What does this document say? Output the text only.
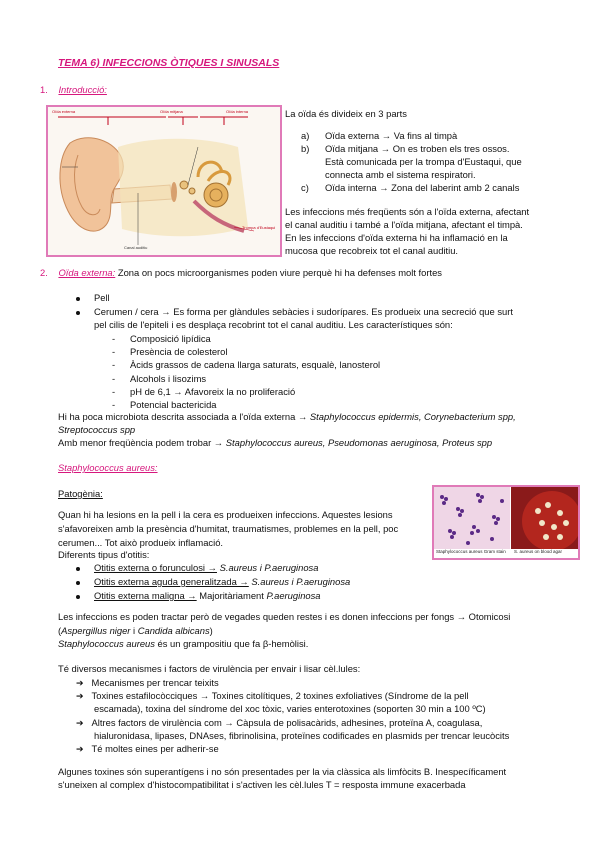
TEMA 6) INFECCIONS ÒTIQUES I SINUSALS
1. Introducció:
Oïda externa	Oïda mitjana	Oïda interna
Canal auditiu
Trompa d'Eustaqui
La oïda és divideix en 3 parts
a) Oïda externa → Va fins al timpà
b) Oïda mitjana → On es troben els tres ossos.
Està comunicada per la trompa d'Eustaqui, que
connecta amb el sistema respiratori.
c) Oïda interna → Zona del laberint amb 2 canals
Les infeccions més freqüents són a l'oïda externa, afectant
el canal auditiu i també a l'oïda mitjana, afectant el timpà.
En les infeccions d'oïda externa hi ha inflamació en la
mucosa que recobreix tot el canal auditiu.
2. Oïda externa: Zona on pocs microorganismes poden viure perquè hi ha defenses molt fortes
Pell
Cerumen / cera → Es forma per glàndules sebàcies i sudorípares. Es produeix una secreció que surt
pel cilis de l'epiteli i es desplaça recobrint tot el canal auditiu. Les característiques són:
- Composició lipídica
- Presència de colesterol
- Àcids grassos de cadena llarga saturats, esqualè, lanosterol
- Alcohols i lisozims
- pH de 6,1 → Afavoreix la no proliferació
- Potencial bactericida
Hi ha poca microbiota descrita associada a l'oïda externa → Staphylococcus epidermis, Corynebacterium spp,
Streptococcus spp
Amb menor freqüència podem trobar → Staphylococcus aureus, Pseudomonas aeruginosa, Proteus spp
Staphylococcus aureus:
Patogènia:
Staphylococcus aureus Gram stain S. aureus on blood agar
Quan hi ha lesions en la pell i la cera es produeixen infeccions. Aquestes lesions
s'afavoreixen amb la presència d'humitat, traumatismes, problemes en la pell, poc
cerumen... Tot això produeix inflamació.
Diferents tipus d'otitis:
Otitis externa o forunculosi → S.aureus i P.aeruginosa
Otitis externa aguda generalitzada → S.aureus i P.aeruginosa
Otitis externa maligna → Majoritàriament P.aeruginosa
Les infeccions es poden tractar però de vegades queden restes i es donen infeccions per fongs → Otomicosi
(Aspergillus niger i Candida albicans)
Staphylococcus aureus és un grampositiu que fa β-hemòlisi.
Té diversos mecanismes i factors de virulència per envair i lisar cèl.lules:
➔ Mecanismes per trencar teixits
➔ Toxines estafilocòcciques → Toxines citolítiques, 2 toxines exfoliatives (Síndrome de la pell
escamada), toxina del síndrome del xoc tòxic, varies enterotoxines (soporten 30 min a 100 ºC)
➔ Altres factors de virulència com → Càpsula de polisacàrids, adhesines, proteïna A, coagulasa,
hialuronidasa, lipases, DNAses, fibrinolisina, proteïnes codificades en plasmids per trencar leucòcits
➔ Té moltes eines per adherir-se
Algunes toxines són superantígens i no són presentades per la via clàssica als limfòcits B. Inespecíficament
s'uneixen al complex d'histocompatibilitat i s'activen les cèl.lules T = resposta immune exacerbada
